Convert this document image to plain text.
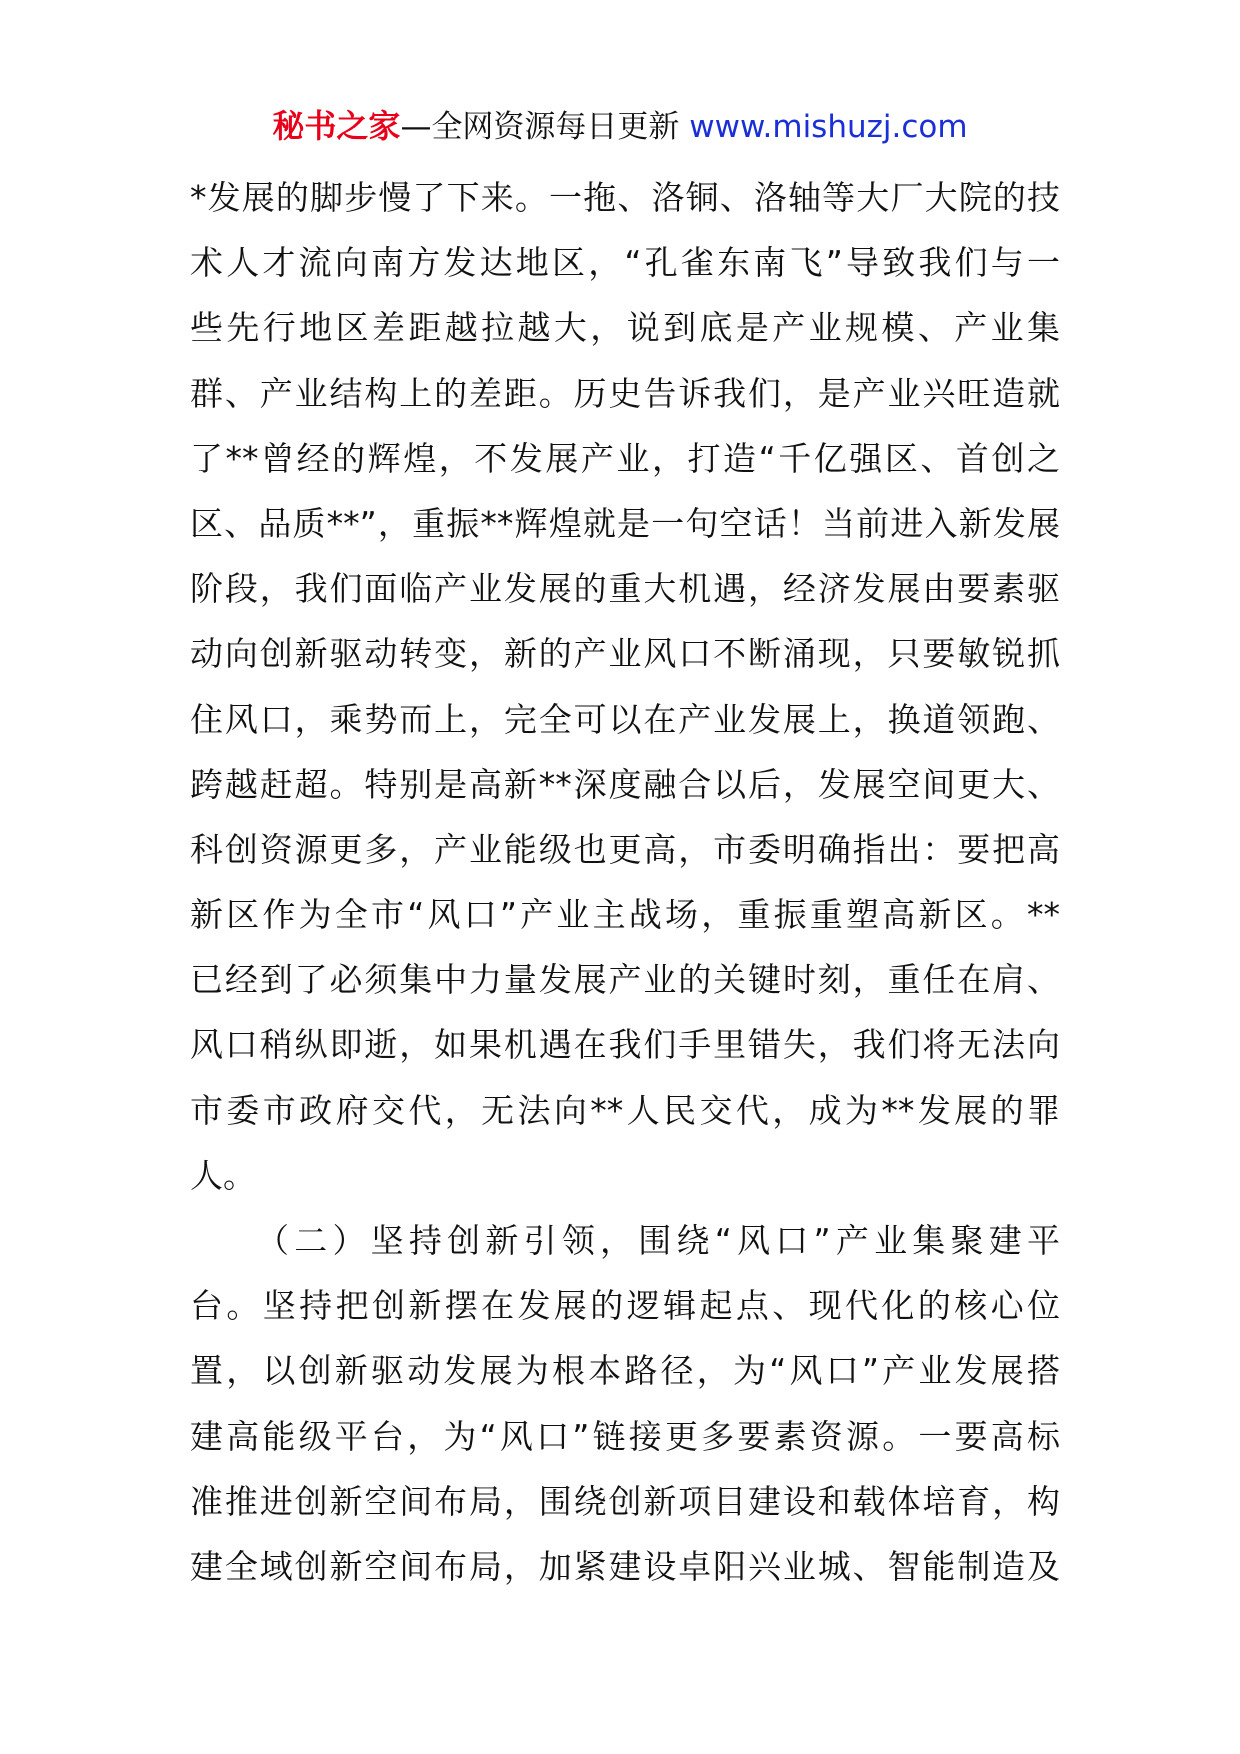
秘书之家—全网资源每日更新 www.mishuzj.com
*发展的脚步慢了下来。一拖、洛铜、洛轴等大厂大院的技
术人才流向南方发达地区，“孔雀东南飞”导致我们与一
些先行地区差距越拉越大，说到底是产业规模、产业集
群、产业结构上的差距。历史告诉我们，是产业兴旺造就
了**曾经的辉煌，不发展产业，打造“千亿强区、首创之
区、品质**”，重振**辉煌就是一句空话！当前进入新发展
阶段，我们面临产业发展的重大机遇，经济发展由要素驱
动向创新驱动转变，新的产业风口不断涌现，只要敏锐抓
住风口，乘势而上，完全可以在产业发展上，换道领跑、
跨越赶超。特别是高新**深度融合以后，发展空间更大、
科创资源更多，产业能级也更高，市委明确指出：要把高
新区作为全市“风口”产业主战场，重振重塑高新区。**
已经到了必须集中力量发展产业的关键时刻，重任在肩、
风口稍纵即逝，如果机遇在我们手里错失，我们将无法向
市委市政府交代，无法向**人民交代，成为**发展的罪
人。
（二）坚持创新引领，围绕“风口”产业集聚建平
台。坚持把创新摆在发展的逻辑起点、现代化的核心位
置，以创新驱动发展为根本路径，为“风口”产业发展搭
建高能级平台，为“风口”链接更多要素资源。一要高标
准推进创新空间布局，围绕创新项目建设和载体培育，构
建全域创新空间布局，加紧建设卓阳兴业城、智能制造及
